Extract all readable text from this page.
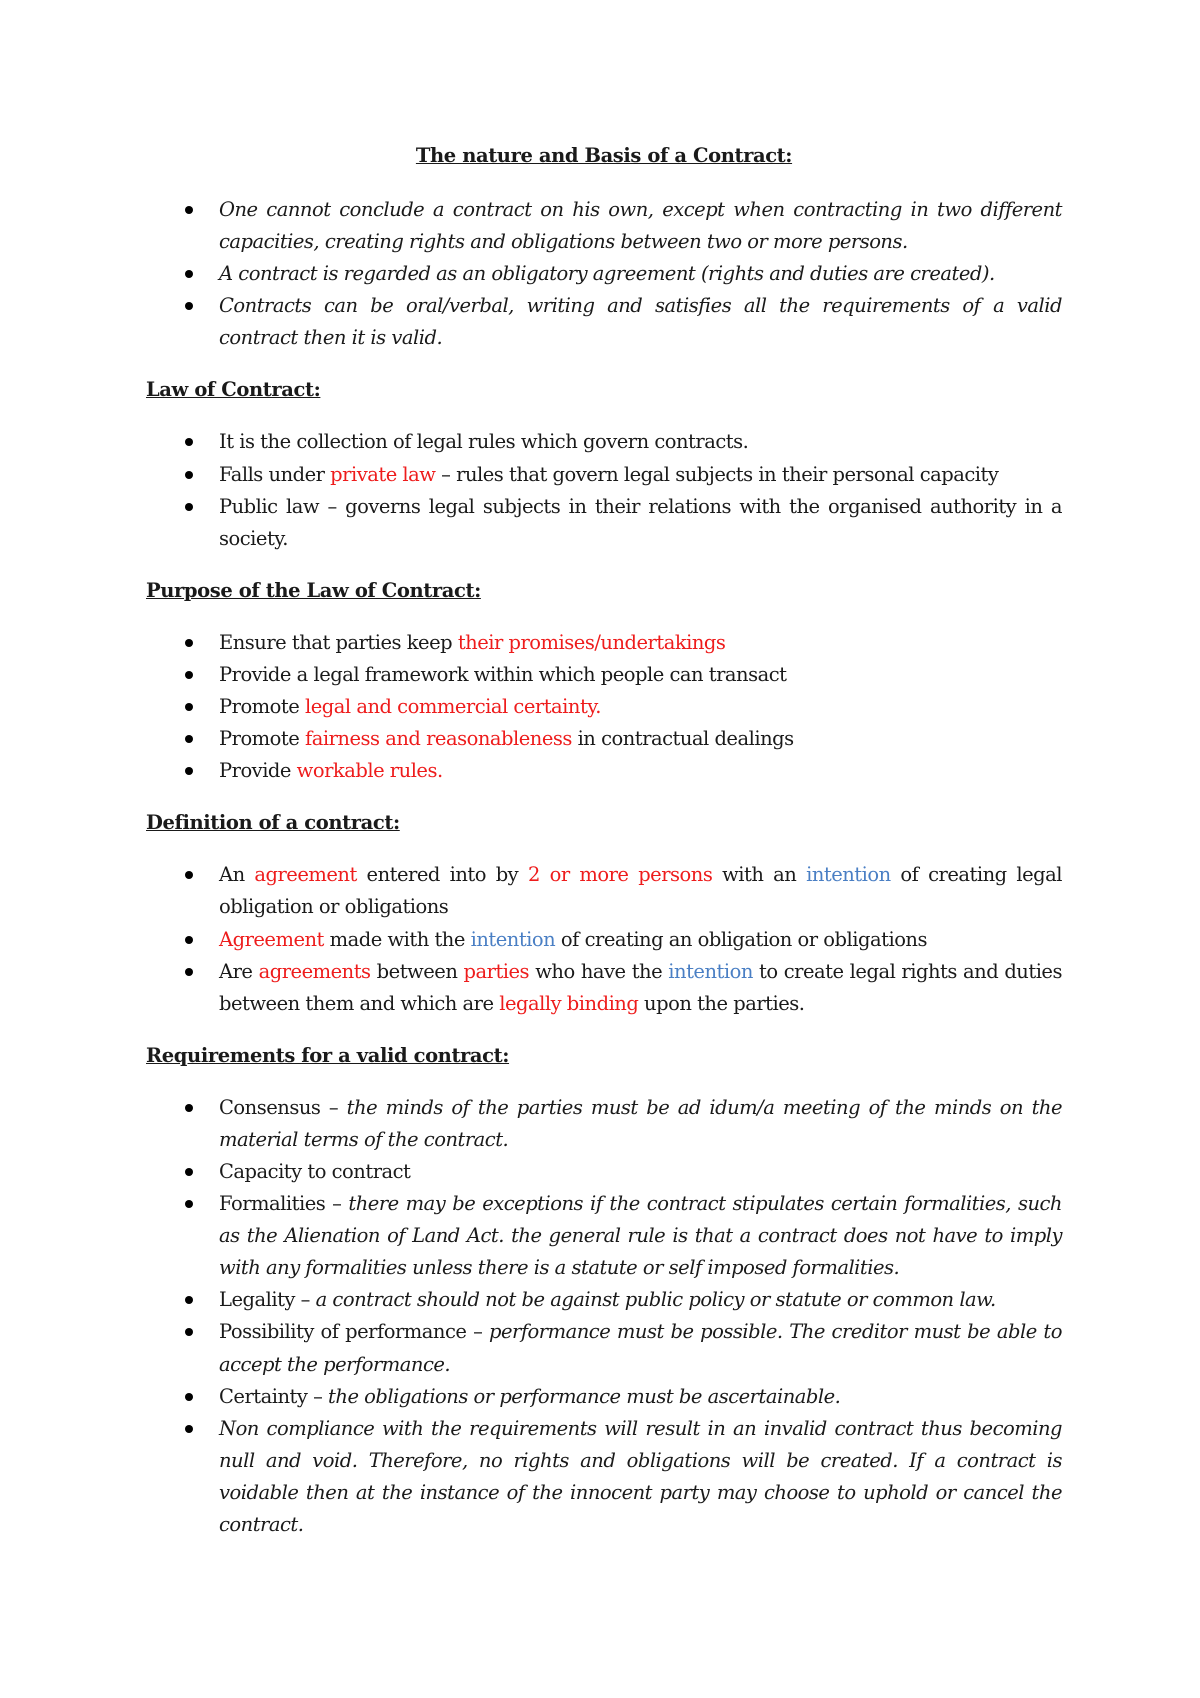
The nature and Basis of a Contract:
One cannot conclude a contract on his own, except when contracting in two different capacities, creating rights and obligations between two or more persons.
A contract is regarded as an obligatory agreement (rights and duties are created).
Contracts can be oral/verbal, writing and satisfies all the requirements of a valid contract then it is valid.
Law of Contract:
It is the collection of legal rules which govern contracts.
Falls under private law – rules that govern legal subjects in their personal capacity
Public law – governs legal subjects in their relations with the organised authority in a society.
Purpose of the Law of Contract:
Ensure that parties keep their promises/undertakings
Provide a legal framework within which people can transact
Promote legal and commercial certainty.
Promote fairness and reasonableness in contractual dealings
Provide workable rules.
Definition of a contract:
An agreement entered into by 2 or more persons with an intention of creating legal obligation or obligations
Agreement made with the intention of creating an obligation or obligations
Are agreements between parties who have the intention to create legal rights and duties between them and which are legally binding upon the parties.
Requirements for a valid contract:
Consensus – the minds of the parties must be ad idum/a meeting of the minds on the material terms of the contract.
Capacity to contract
Formalities – there may be exceptions if the contract stipulates certain formalities, such as the Alienation of Land Act. the general rule is that a contract does not have to imply with any formalities unless there is a statute or self imposed formalities.
Legality – a contract should not be against public policy or statute or common law.
Possibility of performance – performance must be possible. The creditor must be able to accept the performance.
Certainty – the obligations or performance must be ascertainable.
Non compliance with the requirements will result in an invalid contract thus becoming null and void. Therefore, no rights and obligations will be created. If a contract is voidable then at the instance of the innocent party may choose to uphold or cancel the contract.
